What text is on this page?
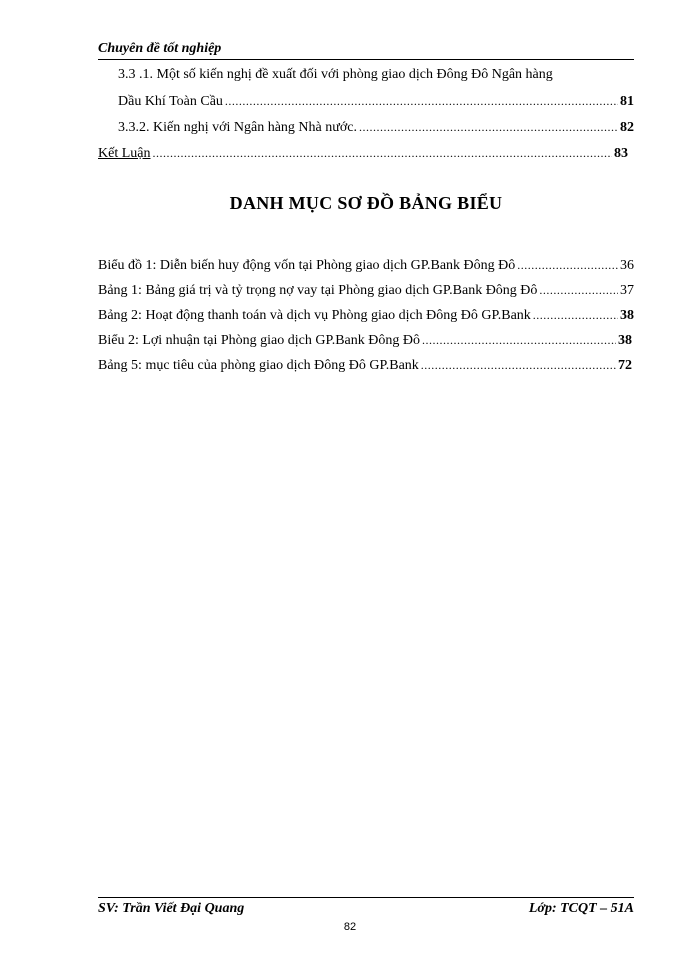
Chuyên đề tốt nghiệp
3.3 .1. Một số kiến nghị đề xuất đối với phòng giao dịch Đông Đô Ngân hàng
Dầu Khí Toàn Cầu .....	81
3.3.2. Kiến nghị với Ngân hàng Nhà nước. .....	82
Kết Luận .....	83
DANH MỤC SƠ ĐỒ BẢNG BIỂU
Biểu đồ 1: Diễn biến huy động vốn tại Phòng giao dịch GP.Bank Đông Đô .....	36
Bảng 1: Bảng giá trị và tỷ trọng nợ vay tại Phòng giao dịch GP.Bank Đông Đô .....	37
Bảng 2: Hoạt động thanh toán và dịch vụ Phòng giao dịch Đông Đô GP.Bank .....	38
Biểu 2: Lợi nhuận tại Phòng giao dịch GP.Bank Đông Đô .....	38
Bảng 5: mục tiêu của phòng giao dịch Đông Đô GP.Bank .....	72
SV: Trần Viết Đại Quang	Lớp: TCQT – 51A
82
